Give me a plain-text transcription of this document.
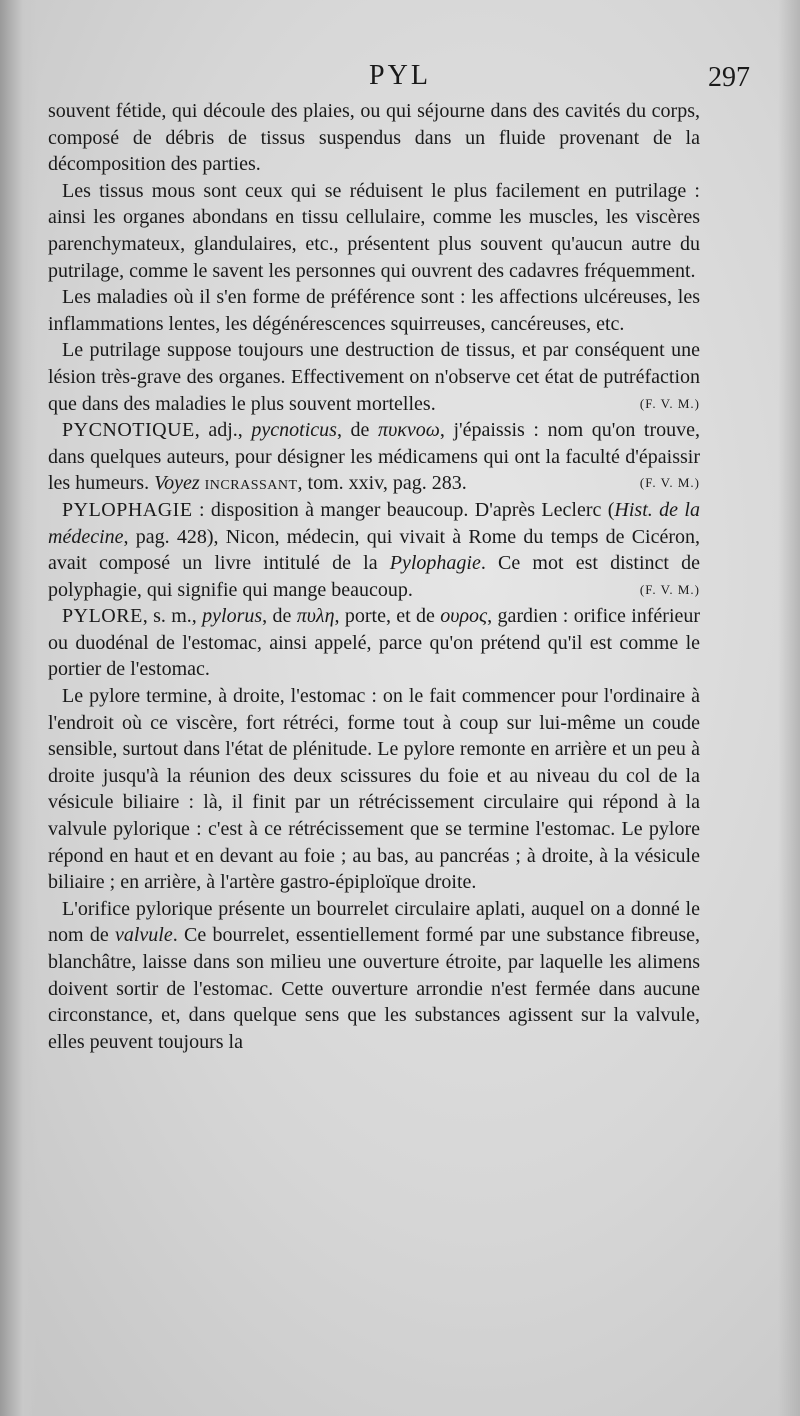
PYL	297

souvent fétide, qui découle des plaies, ou qui séjourne dans des cavités du corps, composé de débris de tissus suspendus dans un fluide provenant de la décomposition des parties.

Les tissus mous sont ceux qui se réduisent le plus facilement en putrilage : ainsi les organes abondans en tissu cellulaire, comme les muscles, les viscères parenchymateux, glandulaires, etc., présentent plus souvent qu'aucun autre du putrilage, comme le savent les personnes qui ouvrent des cadavres fréquemment.

Les maladies où il s'en forme de préférence sont : les affections ulcéreuses, les inflammations lentes, les dégénérescences squirreuses, cancéreuses, etc.

Le putrilage suppose toujours une destruction de tissus, et par conséquent une lésion très-grave des organes. Effectivement on n'observe cet état de putréfaction que dans des maladies le plus souvent mortelles.	(F. V. M.)

PYCNOTIQUE, adj., pycnoticus, de πυκνοω, j'épaissis : nom qu'on trouve, dans quelques auteurs, pour désigner les médicamens qui ont la faculté d'épaissir les humeurs. Voyez incrassant, tom. xxiv, pag. 283.	(F. V. M.)

PYLOPHAGIE : disposition à manger beaucoup. D'après Leclerc (Hist. de la médecine, pag. 428), Nicon, médecin, qui vivait à Rome du temps de Cicéron, avait composé un livre intitulé de la Pylophagie. Ce mot est distinct de polyphagie, qui signifie qui mange beaucoup.	(F. V. M.)

PYLORE, s. m., pylorus, de πυλη, porte, et de ουρος, gardien : orifice inférieur ou duodénal de l'estomac, ainsi appelé, parce qu'on prétend qu'il est comme le portier de l'estomac.

Le pylore termine, à droite, l'estomac : on le fait commencer pour l'ordinaire à l'endroit où ce viscère, fort rétréci, forme tout à coup sur lui-même un coude sensible, surtout dans l'état de plénitude. Le pylore remonte en arrière et un peu à droite jusqu'à la réunion des deux scissures du foie et au niveau du col de la vésicule biliaire : là, il finit par un rétrécissement circulaire qui répond à la valvule pylorique : c'est à ce rétrécissement que se termine l'estomac. Le pylore répond en haut et en devant au foie ; au bas, au pancréas ; à droite, à la vésicule biliaire ; en arrière, à l'artère gastro-épiploïque droite.

L'orifice pylorique présente un bourrelet circulaire aplati, auquel on a donné le nom de valvule. Ce bourrelet, essentiellement formé par une substance fibreuse, blanchâtre, laisse dans son milieu une ouverture étroite, par laquelle les alimens doivent sortir de l'estomac. Cette ouverture arrondie n'est fermée dans aucune circonstance, et, dans quelque sens que les substances agissent sur la valvule, elles peuvent toujours la
